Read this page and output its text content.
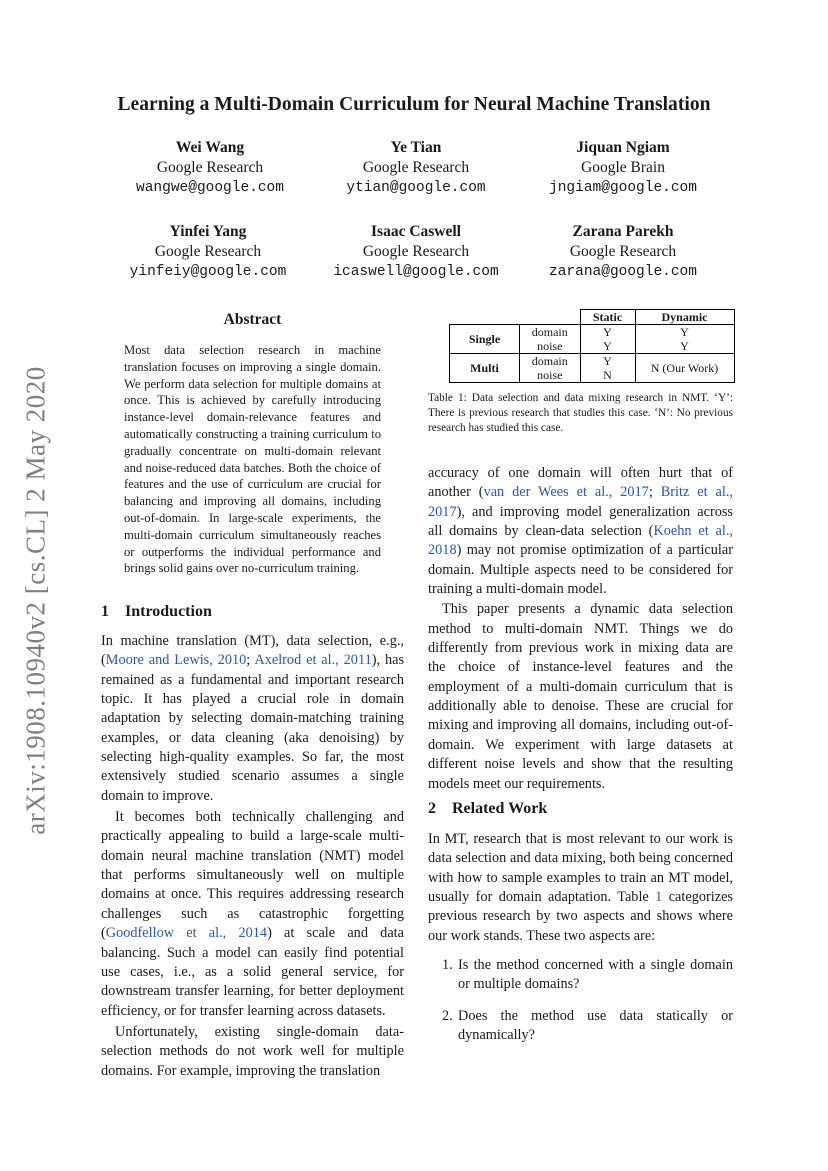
arXiv:1908.10940v2 [cs.CL] 2 May 2020
Learning a Multi-Domain Curriculum for Neural Machine Translation
Wei Wang
Google Research
wangwe@google.com
Ye Tian
Google Research
ytian@google.com
Jiquan Ngiam
Google Brain
jngiam@google.com
Yinfei Yang
Google Research
yinfeiy@google.com
Isaac Caswell
Google Research
icaswell@google.com
Zarana Parekh
Google Research
zarana@google.com
Abstract
Most data selection research in machine translation focuses on improving a single domain. We perform data selection for multiple domains at once. This is achieved by carefully introducing instance-level domain-relevance features and automatically constructing a training curriculum to gradually concentrate on multi-domain relevant and noise-reduced data batches. Both the choice of features and the use of curriculum are crucial for balancing and improving all domains, including out-of-domain. In large-scale experiments, the multi-domain curriculum simultaneously reaches or outperforms the individual performance and brings solid gains over no-curriculum training.
1 Introduction

In machine translation (MT), data selection, e.g., (Moore and Lewis, 2010; Axelrod et al., 2011), has remained as a fundamental and important research topic. It has played a crucial role in domain adaptation by selecting domain-matching training examples, or data cleaning (aka denoising) by selecting high-quality examples. So far, the most extensively studied scenario assumes a single domain to improve.

It becomes both technically challenging and practically appealing to build a large-scale multi-domain neural machine translation (NMT) model that performs simultaneously well on multiple domains at once. This requires addressing research challenges such as catastrophic forgetting (Goodfellow et al., 2014) at scale and data balancing. Such a model can easily find potential use cases, i.e., as a solid general service, for downstream transfer learning, for better deployment efficiency, or for transfer learning across datasets.

Unfortunately, existing single-domain data-selection methods do not work well for multiple domains. For example, improving the translation

		Static	Dynamic
Single	domain	Y	Y
	noise	Y	Y
Multi	domain	Y	N (Our Work)
	noise	N	
Table 1: Data selection and data mixing research in NMT. ‘Y’: There is previous research that studies this case. ‘N’: No previous research has studied this case.

accuracy of one domain will often hurt that of another (van der Wees et al., 2017; Britz et al., 2017), and improving model generalization across all domains by clean-data selection (Koehn et al., 2018) may not promise optimization of a particular domain. Multiple aspects need to be considered for training a multi-domain model.

This paper presents a dynamic data selection method to multi-domain NMT. Things we do differently from previous work in mixing data are the choice of instance-level features and the employment of a multi-domain curriculum that is additionally able to denoise. These are crucial for mixing and improving all domains, including out-of-domain. We experiment with large datasets at different noise levels and show that the resulting models meet our requirements.

2 Related Work

In MT, research that is most relevant to our work is data selection and data mixing, both being concerned with how to sample examples to train an MT model, usually for domain adaptation. Table 1 categorizes previous research by two aspects and shows where our work stands. These two aspects are:

1. Is the method concerned with a single domain or multiple domains?
2. Does the method use data statically or dynamically?
